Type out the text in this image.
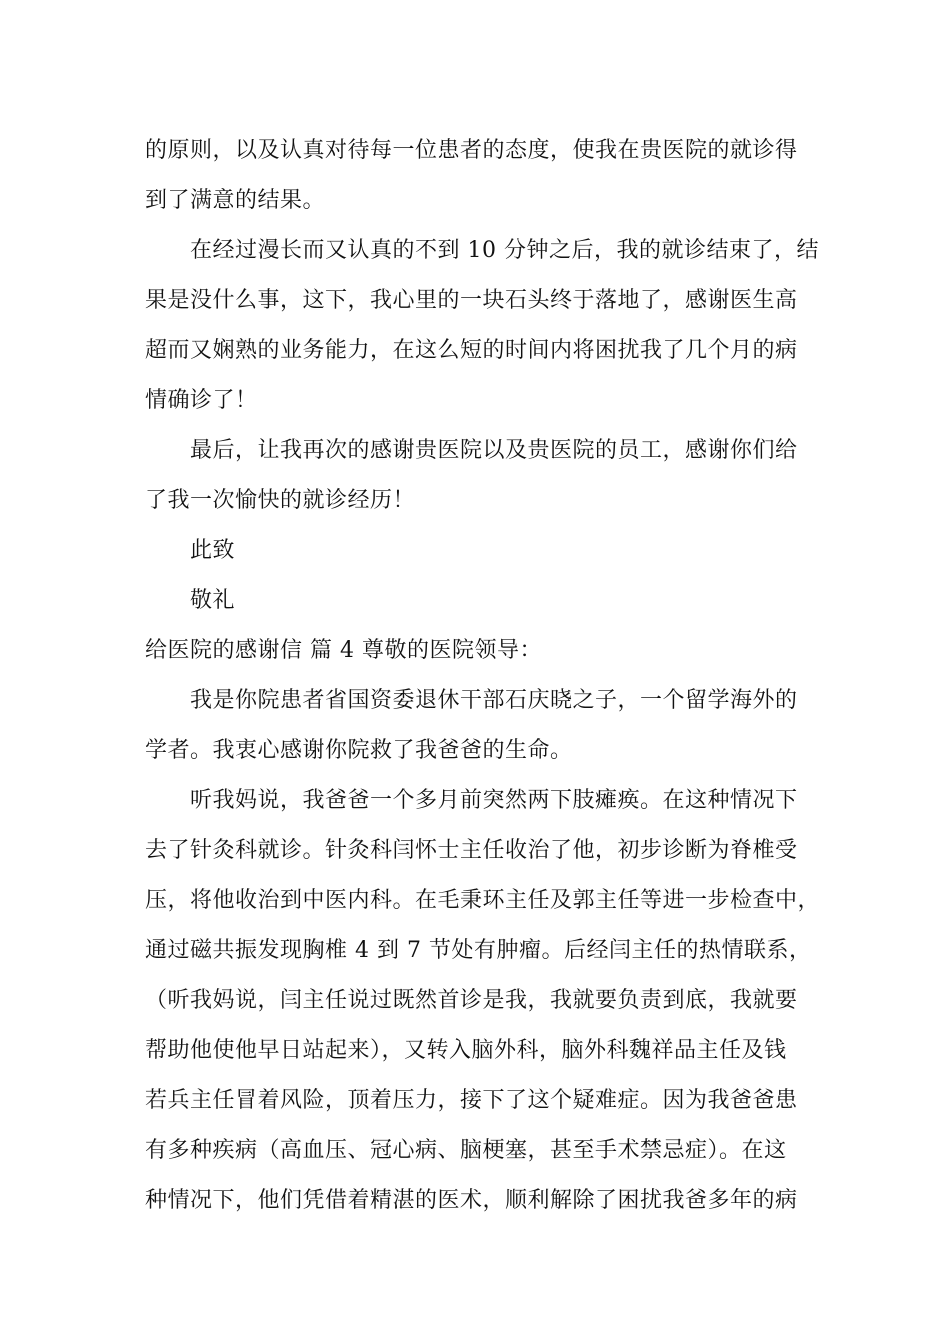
的原则，以及认真对待每一位患者的态度，使我在贵医院的就诊得
到了满意的结果。
在经过漫长而又认真的不到 10 分钟之后，我的就诊结束了，结
果是没什么事，这下，我心里的一块石头终于落地了，感谢医生高
超而又娴熟的业务能力，在这么短的时间内将困扰我了几个月的病
情确诊了！
最后，让我再次的感谢贵医院以及贵医院的员工，感谢你们给
了我一次愉快的就诊经历！
此致
敬礼
给医院的感谢信 篇 4 尊敬的医院领导：
我是你院患者省国资委退休干部石庆晓之子，一个留学海外的
学者。我衷心感谢你院救了我爸爸的生命。
听我妈说，我爸爸一个多月前突然两下肢瘫痪。在这种情况下
去了针灸科就诊。针灸科闫怀士主任收治了他，初步诊断为脊椎受
压，将他收治到中医内科。在毛秉环主任及郭主任等进一步检查中，
通过磁共振发现胸椎 4 到 7 节处有肿瘤。后经闫主任的热情联系，
（听我妈说，闫主任说过既然首诊是我，我就要负责到底，我就要
帮助他使他早日站起来），又转入脑外科，脑外科魏祥品主任及钱
若兵主任冒着风险，顶着压力，接下了这个疑难症。因为我爸爸患
有多种疾病（高血压、冠心病、脑梗塞，甚至手术禁忌症）。在这
种情况下，他们凭借着精湛的医术，顺利解除了困扰我爸多年的病
